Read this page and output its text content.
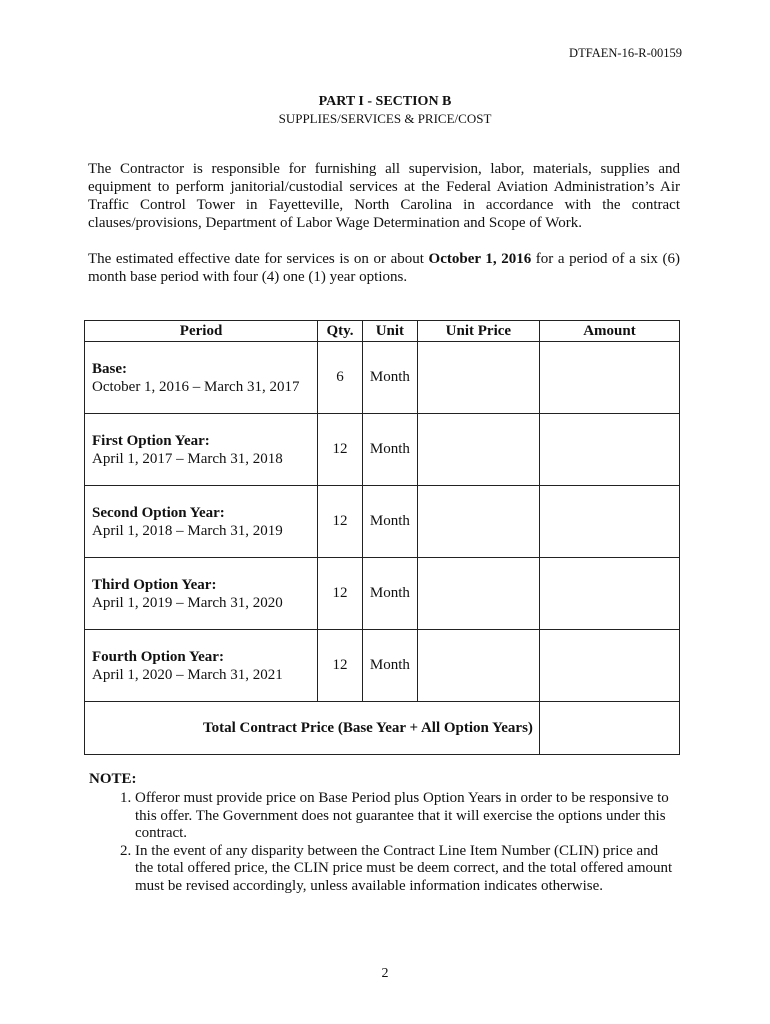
DTFAEN-16-R-00159
PART I - SECTION B
SUPPLIES/SERVICES & PRICE/COST

The Contractor is responsible for furnishing all supervision, labor, materials, supplies and equipment to perform janitorial/custodial services at the Federal Aviation Administration’s Air Traffic Control Tower in Fayetteville, North Carolina in accordance with the contract clauses/provisions, Department of Labor Wage Determination and Scope of Work.

The estimated effective date for services is on or about October 1, 2016 for a period of a six (6) month base period with four (4) one (1) year options.

Period	Qty.	Unit	Unit Price	Amount

Base:
October 1, 2016 – March 31, 2017	6	Month		

First Option Year:
April 1, 2017 – March 31, 2018	12	Month		

Second Option Year:
April 1, 2018 – March 31, 2019	12	Month		

Third Option Year:
April 1, 2019 – March 31, 2020	12	Month		

Fourth Option Year:
April 1, 2020 – March 31, 2021	12	Month		
Total Contract Price (Base Year + All Option Years)				
NOTE:
1. Offeror must provide price on Base Period plus Option Years in order to be responsive to this offer. The Government does not guarantee that it will exercise the options under this contract.
2. In the event of any disparity between the Contract Line Item Number (CLIN) price and the total offered price, the CLIN price must be deem correct, and the total offered amount must be revised accordingly, unless available information indicates otherwise.
2
